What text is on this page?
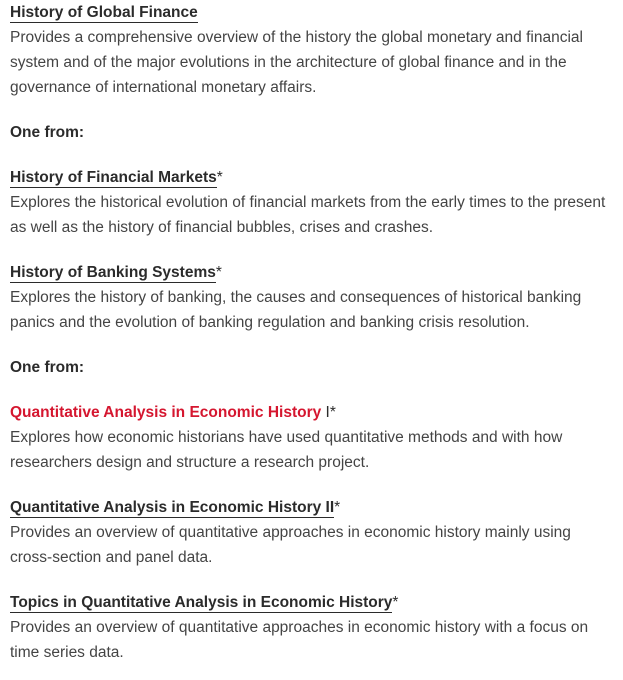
History of Global Finance
Provides a comprehensive overview of the history the global monetary and financial system and of the major evolutions in the architecture of global finance and in the governance of international monetary affairs.
One from:
History of Financial Markets*
Explores the historical evolution of financial markets from the early times to the present as well as the history of financial bubbles, crises and crashes.
History of Banking Systems*
Explores the history of banking, the causes and consequences of historical banking panics and the evolution of banking regulation and banking crisis resolution.
One from:
Quantitative Analysis in Economic History I*
Explores how economic historians have used quantitative methods and with how researchers design and structure a research project.
Quantitative Analysis in Economic History II*
Provides an overview of quantitative approaches in economic history mainly using cross-section and panel data.
Topics in Quantitative Analysis in Economic History*
Provides an overview of quantitative approaches in economic history with a focus on time series data.
